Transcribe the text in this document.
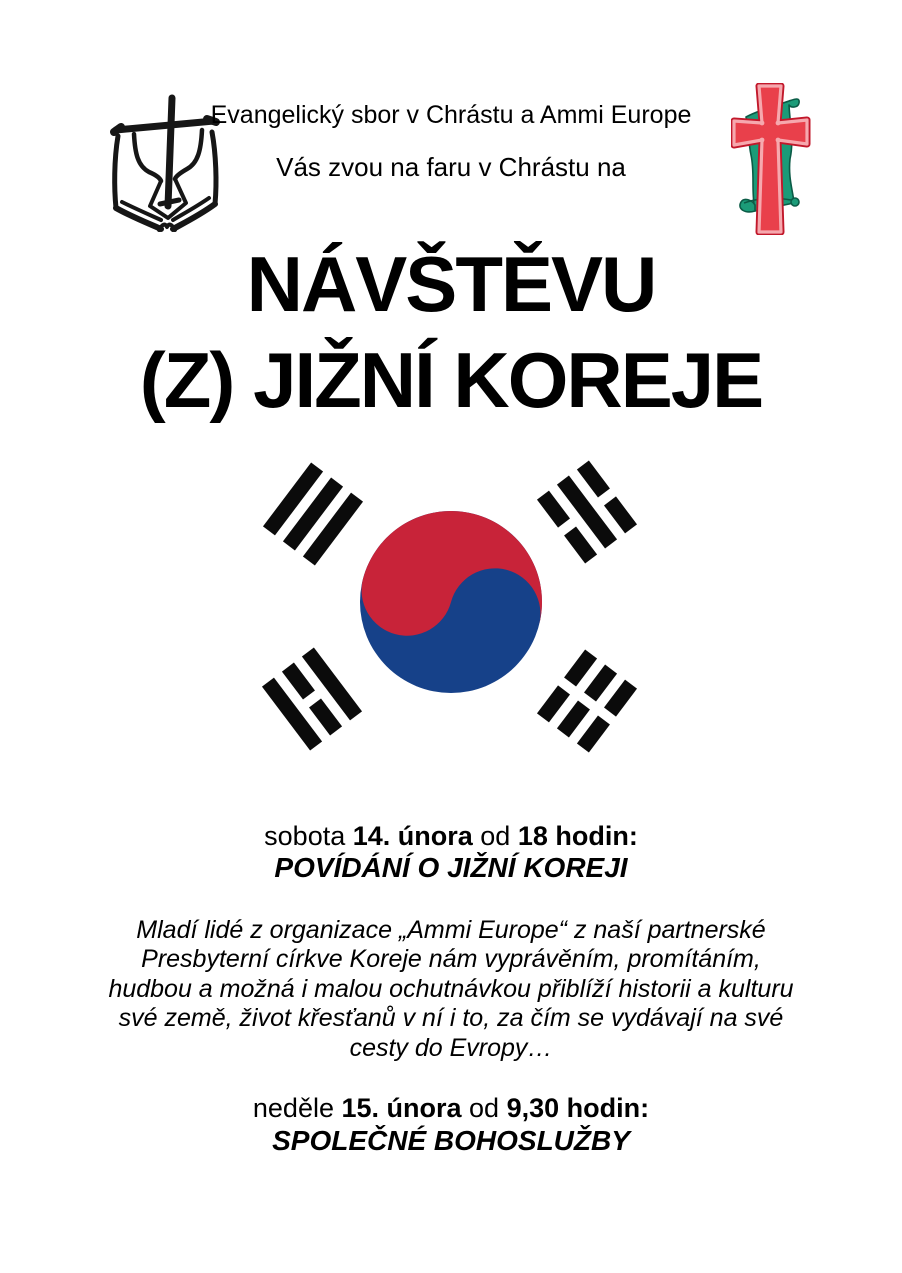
Evangelický sbor v Chrástu a Ammi Europe
Vás zvou na faru v Chrástu na
NÁVŠTĚVU
(Z) JIŽNÍ KOREJE
sobota 14. února od 18 hodin:
POVÍDÁNÍ O JIŽNÍ KOREJI
Mladí lidé z organizace „Ammi Europe“ z naší partnerské
Presbyterní církve Koreje nám vyprávěním, promítáním,
hudbou a možná i malou ochutnávkou přiblíží historii a kulturu
své země, život křesťanů v ní i to, za čím se vydávají na své
cesty do Evropy…
neděle 15. února od 9,30 hodin:
SPOLEČNÉ BOHOSLUŽBY
